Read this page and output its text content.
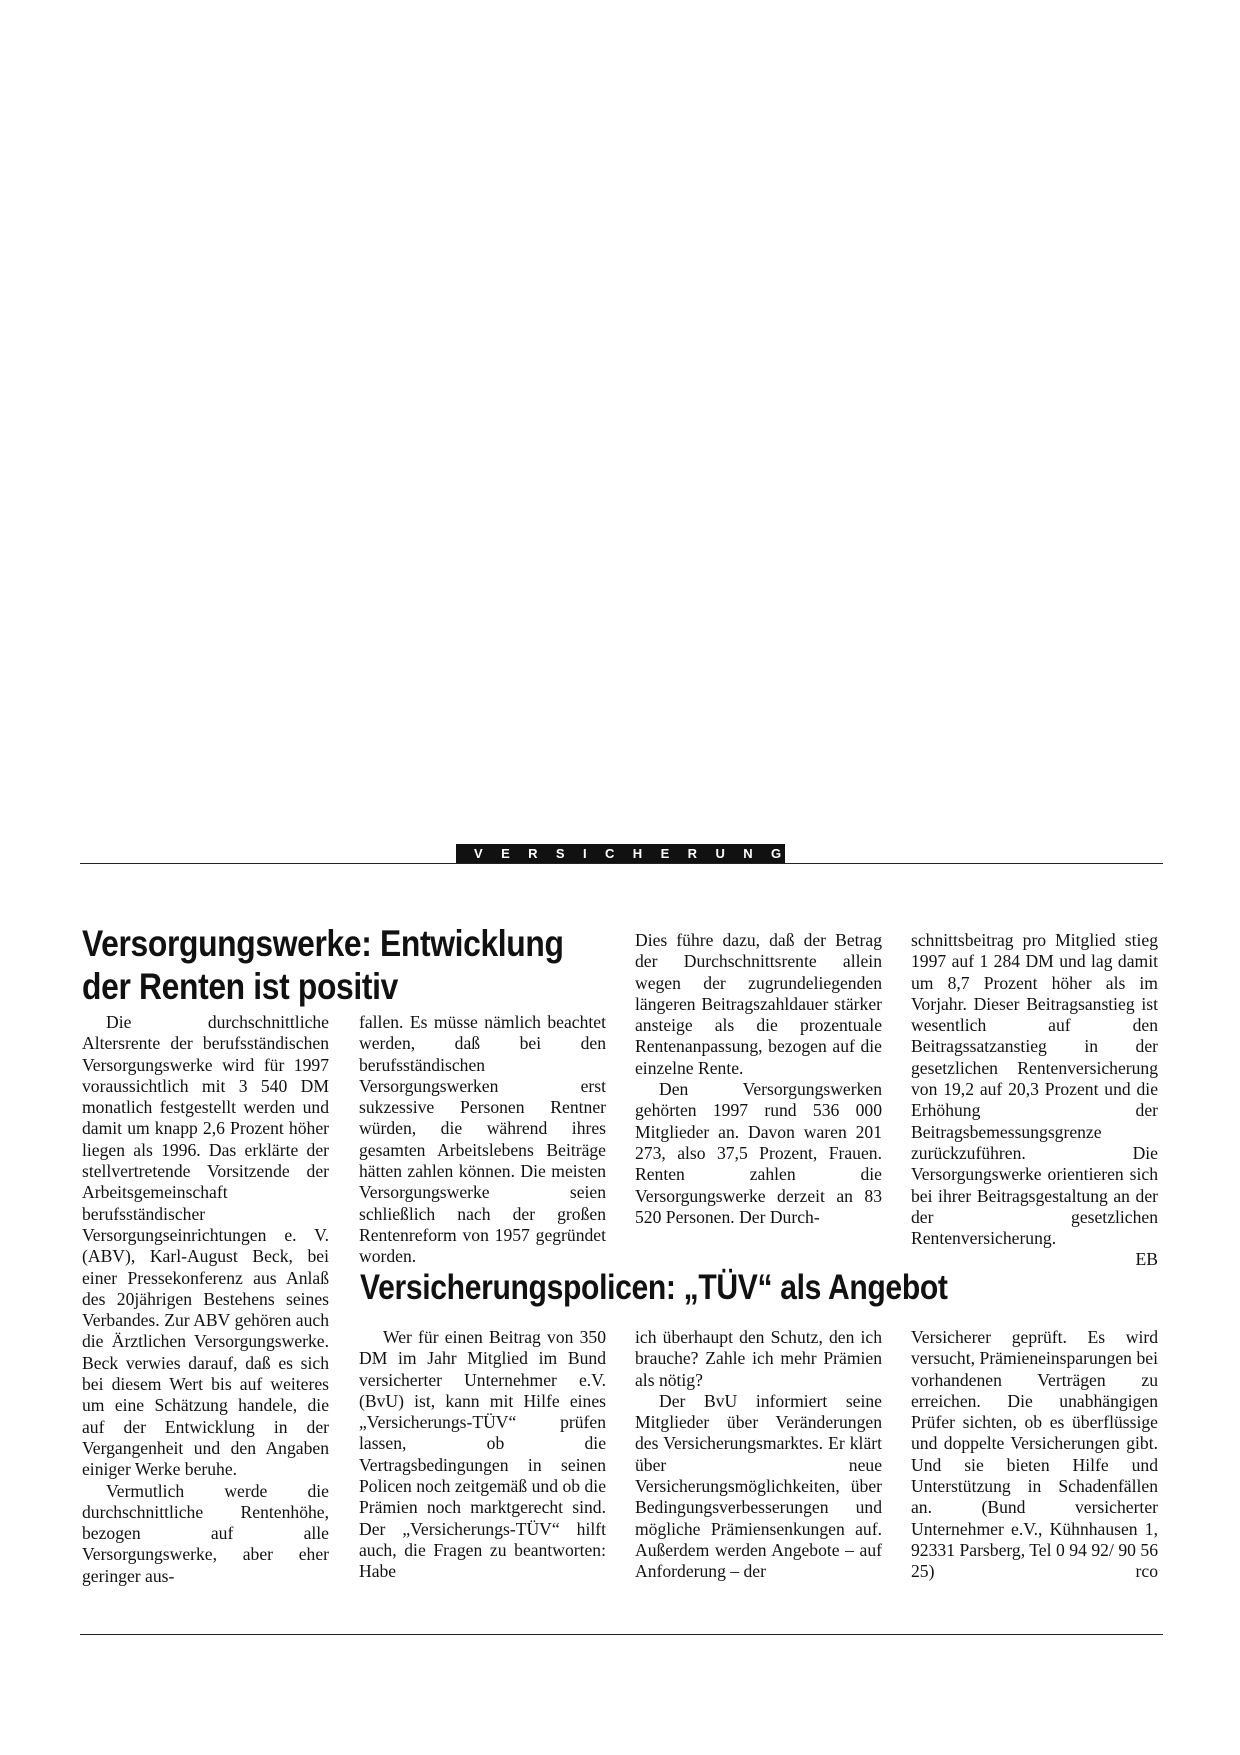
VERSICHERUNGEN
Versorgungswerke: Entwicklung
der Renten ist positiv

Die durchschnittliche Altersrente der berufsständischen Versorgungswerke wird für 1997 voraussichtlich mit 3 540 DM monatlich festgestellt werden und damit um knapp 2,6 Prozent höher liegen als 1996. Das erklärte der stellvertretende Vorsitzende der Arbeitsgemeinschaft berufsständischer Versorgungseinrichtungen e. V. (ABV), Karl-August Beck, bei einer Pressekonferenz aus Anlaß des 20jährigen Bestehens seines Verbandes. Zur ABV gehören auch die Ärztlichen Versorgungswerke. Beck verwies darauf, daß es sich bei diesem Wert bis auf weiteres um eine Schätzung handele, die auf der Entwicklung in der Vergangenheit und den Angaben einiger Werke beruhe.

Vermutlich werde die durchschnittliche Rentenhöhe, bezogen auf alle Versorgungswerke, aber eher geringer aus-

fallen. Es müsse nämlich beachtet werden, daß bei den berufsständischen Versorgungswerken erst sukzessive Personen Rentner würden, die während ihres gesamten Arbeitslebens Beiträge hätten zahlen können. Die meisten Versorgungswerke seien schließlich nach der großen Rentenreform von 1957 gegründet worden.

Dies führe dazu, daß der Betrag der Durchschnittsrente allein wegen der zugrundeliegenden längeren Beitragszahldauer stärker ansteige als die prozentuale Rentenanpassung, bezogen auf die einzelne Rente.

Den Versorgungswerken gehörten 1997 rund 536 000 Mitglieder an. Davon waren 201 273, also 37,5 Prozent, Frauen. Renten zahlen die Versorgungswerke derzeit an 83 520 Personen. Der Durch-

schnittsbeitrag pro Mitglied stieg 1997 auf 1 284 DM und lag damit um 8,7 Prozent höher als im Vorjahr. Dieser Beitragsanstieg ist wesentlich auf den Beitragssatzanstieg in der gesetzlichen Rentenversicherung von 19,2 auf 20,3 Prozent und die Erhöhung der Beitragsbemessungsgrenze zurückzuführen. Die Versorgungswerke orientieren sich bei ihrer Beitragsgestaltung an der der gesetzlichen Rentenversicherung.

EB

Versicherungspolicen: „TÜV“ als Angebot

Wer für einen Beitrag von 350 DM im Jahr Mitglied im Bund versicherter Unternehmer e.V. (BvU) ist, kann mit Hilfe eines „Versicherungs-TÜV“ prüfen lassen, ob die Vertragsbedingungen in seinen Policen noch zeitgemäß und ob die Prämien noch marktgerecht sind. Der „Versicherungs-TÜV“ hilft auch, die Fragen zu beantworten: Habe

ich überhaupt den Schutz, den ich brauche? Zahle ich mehr Prämien als nötig?

Der BvU informiert seine Mitglieder über Veränderungen des Versicherungsmarktes. Er klärt über neue Versicherungsmöglichkeiten, über Bedingungsverbesserungen und mögliche Prämiensenkungen auf. Außerdem werden Angebote – auf Anforderung – der

Versicherer geprüft. Es wird versucht, Prämieneinsparungen bei vorhandenen Verträgen zu erreichen. Die unabhängigen Prüfer sichten, ob es überflüssige und doppelte Versicherungen gibt. Und sie bieten Hilfe und Unterstützung in Schadenfällen an. (Bund versicherter Unternehmer e.V., Kühnhausen 1, 92331 Parsberg, Tel 0 94 92/ 90 56 25)	rco
